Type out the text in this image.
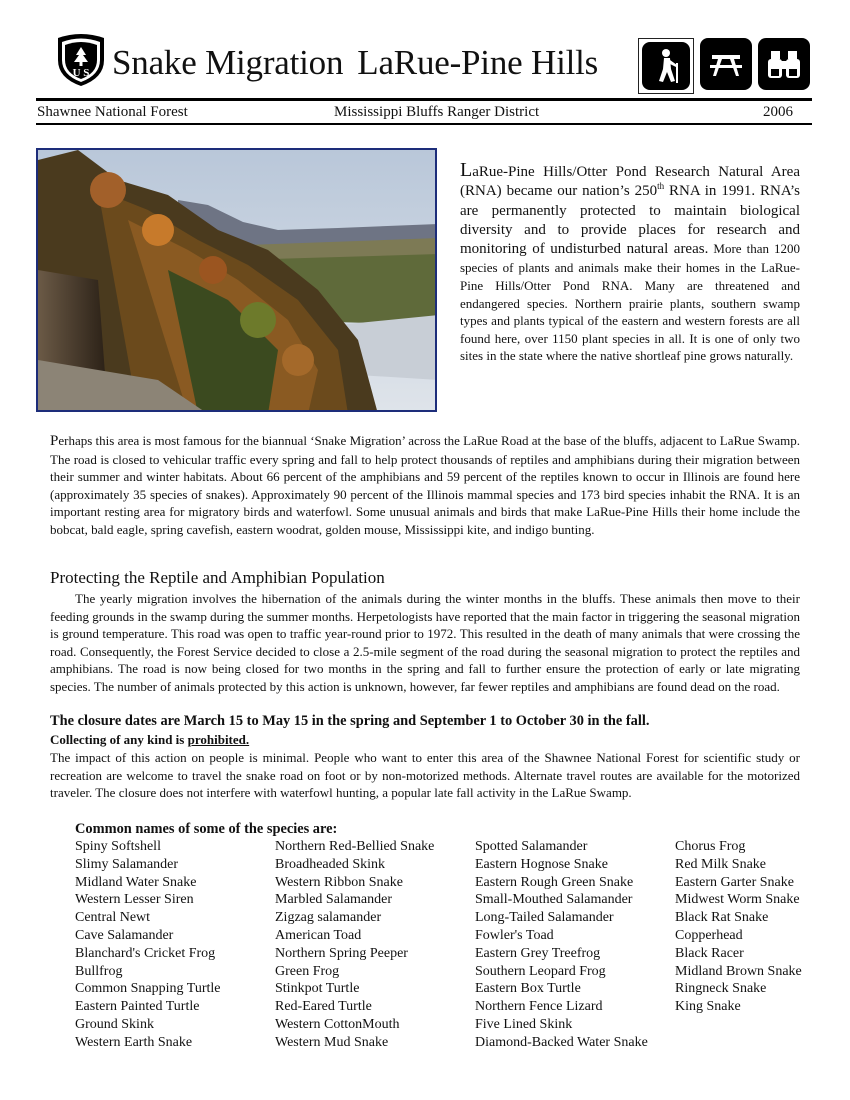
U S Snake Migration LaRue-Pine Hills
Shawnee National Forest	Mississippi Bluffs Ranger District	2006
LaRue-Pine Hills/Otter Pond Research Natural Area (RNA) became our nation’s 250th RNA in 1991. RNA’s are permanently protected to maintain biological diversity and to provide places for research and monitoring of undisturbed natural areas. More than 1200 species of plants and animals make their homes in the LaRue-Pine Hills/Otter Pond RNA. Many are threatened and endangered species. Northern prairie plants, southern swamp types and plants typical of the eastern and western forests are all found here, over 1150 plant species in all. It is one of only two sites in the state where the native shortleaf pine grows naturally.
Perhaps this area is most famous for the biannual ‘Snake Migration’ across the LaRue Road at the base of the bluffs, adjacent to LaRue Swamp. The road is closed to vehicular traffic every spring and fall to help protect thousands of reptiles and amphibians during their migration between their summer and winter habitats. About 66 percent of the amphibians and 59 percent of the reptiles known to occur in Illinois are found here (approximately 35 species of snakes). Approximately 90 percent of the Illinois mammal species and 173 bird species inhabit the RNA. It is an important resting area for migratory birds and waterfowl. Some unusual animals and birds that make LaRue-Pine Hills their home include the bobcat, bald eagle, spring cavefish, eastern woodrat, golden mouse, Mississippi kite, and indigo bunting.
Protecting the Reptile and Amphibian Population
The yearly migration involves the hibernation of the animals during the winter months in the bluffs. These animals then move to their feeding grounds in the swamp during the summer months. Herpetologists have reported that the main factor in triggering the seasonal migration is ground temperature. This road was open to traffic year-round prior to 1972. This resulted in the death of many animals that were crossing the road. Consequently, the Forest Service decided to close a 2.5-mile segment of the road during the seasonal migration to protect the reptiles and amphibians. The road is now being closed for two months in the spring and fall to further ensure the protection of early or late migrating species. The number of animals protected by this action is unknown, however, far fewer reptiles and amphibians are found dead on the road.
The closure dates are March 15 to May 15 in the spring and September 1 to October 30 in the fall.
Collecting of any kind is prohibited.
The impact of this action on people is minimal. People who want to enter this area of the Shawnee National Forest for scientific study or recreation are welcome to travel the snake road on foot or by non-motorized methods. Alternate travel routes are available for the motorized traveler. The closure does not interfere with waterfowl hunting, a popular late fall activity in the LaRue Swamp.
Common names of some of the species are:
Spiny Softshell
Slimy Salamander
Midland Water Snake
Western Lesser Siren
Central Newt
Cave Salamander
Blanchard's Cricket Frog
Bullfrog
Common Snapping Turtle
Eastern Painted Turtle
Ground Skink
Western Earth Snake
Northern Red-Bellied Snake
Broadheaded Skink
Western Ribbon Snake
Marbled Salamander
Zigzag salamander
American Toad
Northern Spring Peeper
Green Frog
Stinkpot Turtle
Red-Eared Turtle
Western CottonMouth
Western Mud Snake
Spotted Salamander
Eastern Hognose Snake
Eastern Rough Green Snake
Small-Mouthed Salamander
Long-Tailed Salamander
Fowler's Toad
Eastern Grey Treefrog
Southern Leopard Frog
Eastern Box Turtle
Northern Fence Lizard
Five Lined Skink
Diamond-Backed Water Snake
Chorus Frog
Red Milk Snake
Eastern Garter Snake
Midwest Worm Snake
Black Rat Snake
Copperhead
Black Racer
Midland Brown Snake
Ringneck Snake
King Snake
